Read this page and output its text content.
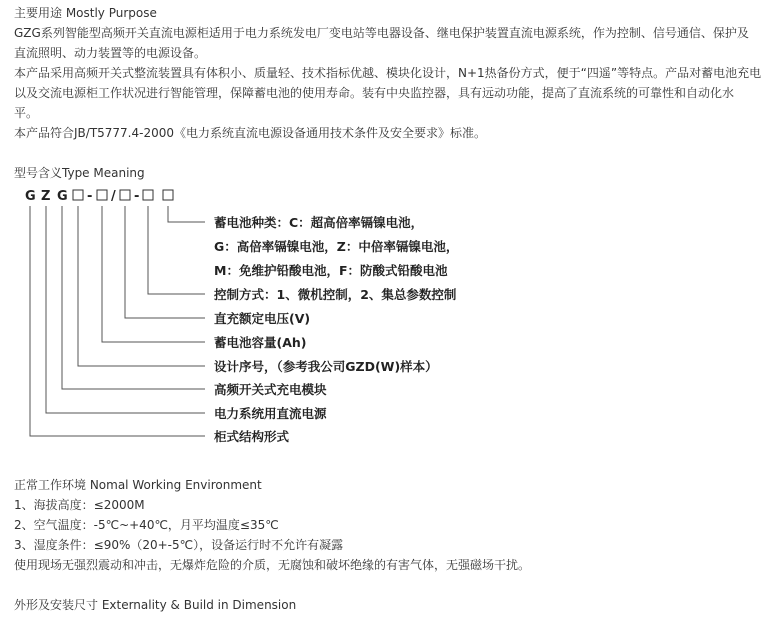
主要用途 Mostly Purpose
GZG系列智能型高频开关直流电源柜适用于电力系统发电厂变电站等电器设备、继电保护装置直流电源系统，作为控制、信号通信、保护及
直流照明、动力装置等的电源设备。
本产品采用高频开关式整流装置具有体积小、质量轻、技术指标优越、模块化设计，N+1热备份方式，便于“四遥”等特点。产品对蓄电池充电
以及交流电源柜工作状况进行智能管理，保障蓄电池的使用寿命。装有中央监控器，具有远动功能，提高了直流系统的可靠性和自动化水
平。
本产品符合JB/T5777.4-2000《电力系统直流电源设备通用技术条件及安全要求》标准。
型号含义Type Meaning
G Z G - / -
蓄电池种类：C：超高倍率镉镍电池，
G：高倍率镉镍电池，Z：中倍率镉镍电池，
M：免维护铅酸电池，F：防酸式铅酸电池
控制方式：1、微机控制，2、集总参数控制
直充额定电压(V)
蓄电池容量(Ah)
设计序号，（参考我公司GZD(W)样本）
高频开关式充电模块
电力系统用直流电源
柜式结构形式
正常工作环境 Nomal Working Environment
1、海拔高度：≤2000M
2、空气温度：-5℃~+40℃，月平均温度≤35℃
3、湿度条件：≤90%（20+-5℃），设备运行时不允许有凝露
使用现场无强烈震动和冲击，无爆炸危险的介质，无腐蚀和破坏绝缘的有害气体，无强磁场干扰。
外形及安装尺寸 Externality & Build in Dimension
